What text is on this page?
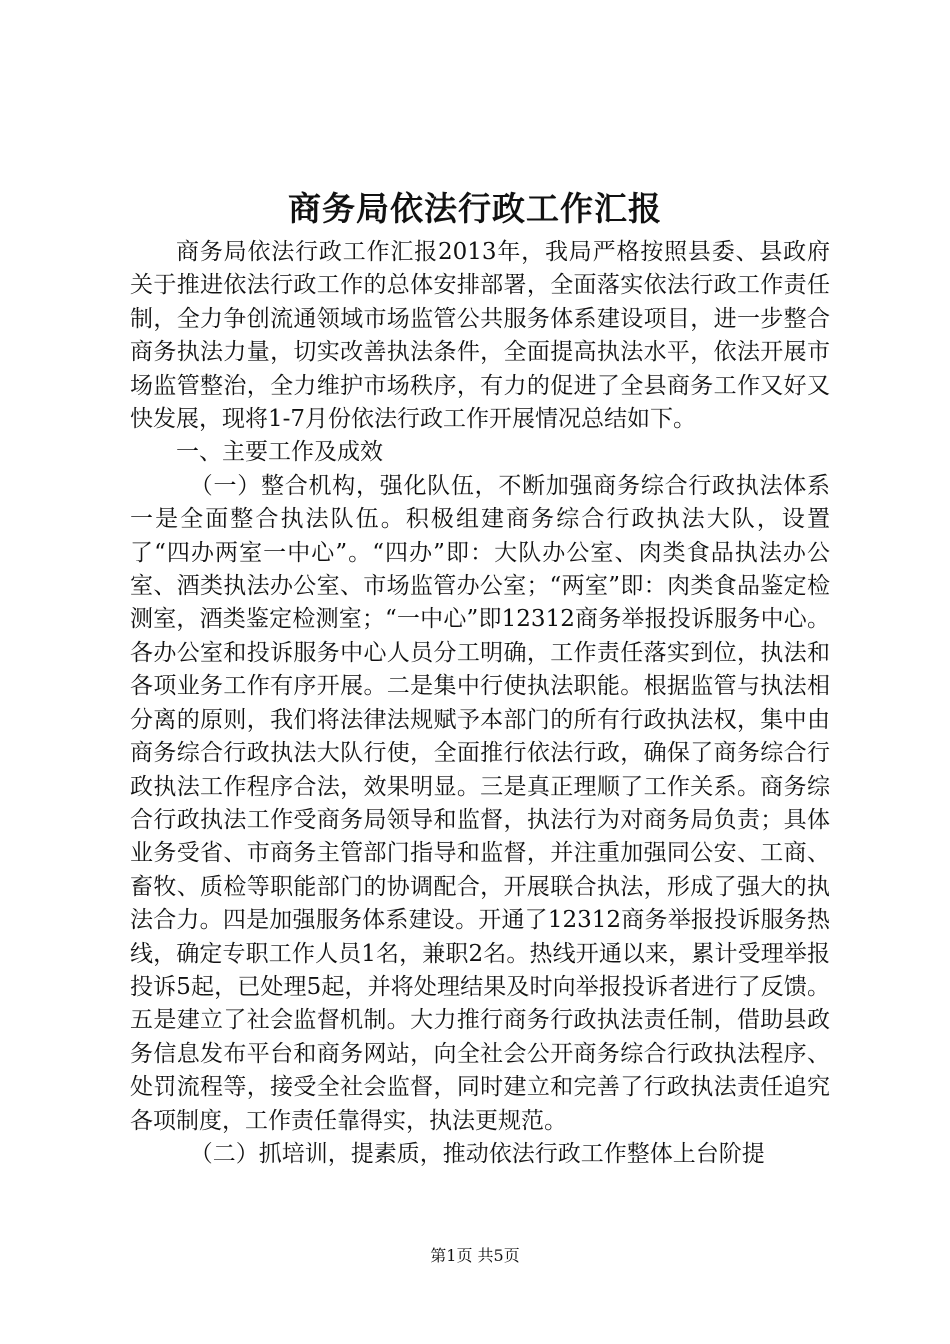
商务局依法行政工作汇报

商务局依法行政工作汇报2013年，我局严格按照县委、县政府关于推进依法行政工作的总体安排部署，全面落实依法行政工作责任制，全力争创流通领域市场监管公共服务体系建设项目，进一步整合商务执法力量，切实改善执法条件，全面提高执法水平，依法开展市场监管整治，全力维护市场秩序，有力的促进了全县商务工作又好又快发展，现将1-7月份依法行政工作开展情况总结如下。

一、主要工作及成效

（一）整合机构，强化队伍，不断加强商务综合行政执法体系一是全面整合执法队伍。积极组建商务综合行政执法大队，设置了“四办两室一中心”。“四办”即：大队办公室、肉类食品执法办公室、酒类执法办公室、市场监管办公室；“两室”即：肉类食品鉴定检测室，酒类鉴定检测室；“一中心”即12312商务举报投诉服务中心。各办公室和投诉服务中心人员分工明确，工作责任落实到位，执法和各项业务工作有序开展。二是集中行使执法职能。根据监管与执法相分离的原则，我们将法律法规赋予本部门的所有行政执法权，集中由商务综合行政执法大队行使，全面推行依法行政，确保了商务综合行政执法工作程序合法，效果明显。三是真正理顺了工作关系。商务综合行政执法工作受商务局领导和监督，执法行为对商务局负责；具体业务受省、市商务主管部门指导和监督，并注重加强同公安、工商、畜牧、质检等职能部门的协调配合，开展联合执法，形成了强大的执法合力。四是加强服务体系建设。开通了12312商务举报投诉服务热线，确定专职工作人员1名，兼职2名。热线开通以来，累计受理举报投诉5起，已处理5起，并将处理结果及时向举报投诉者进行了反馈。五是建立了社会监督机制。大力推行商务行政执法责任制，借助县政务信息发布平台和商务网站，向全社会公开商务综合行政执法程序、处罚流程等，接受全社会监督，同时建立和完善了行政执法责任追究各项制度，工作责任靠得实，执法更规范。

（二）抓培训，提素质，推动依法行政工作整体上台阶提

第1页 共5页
